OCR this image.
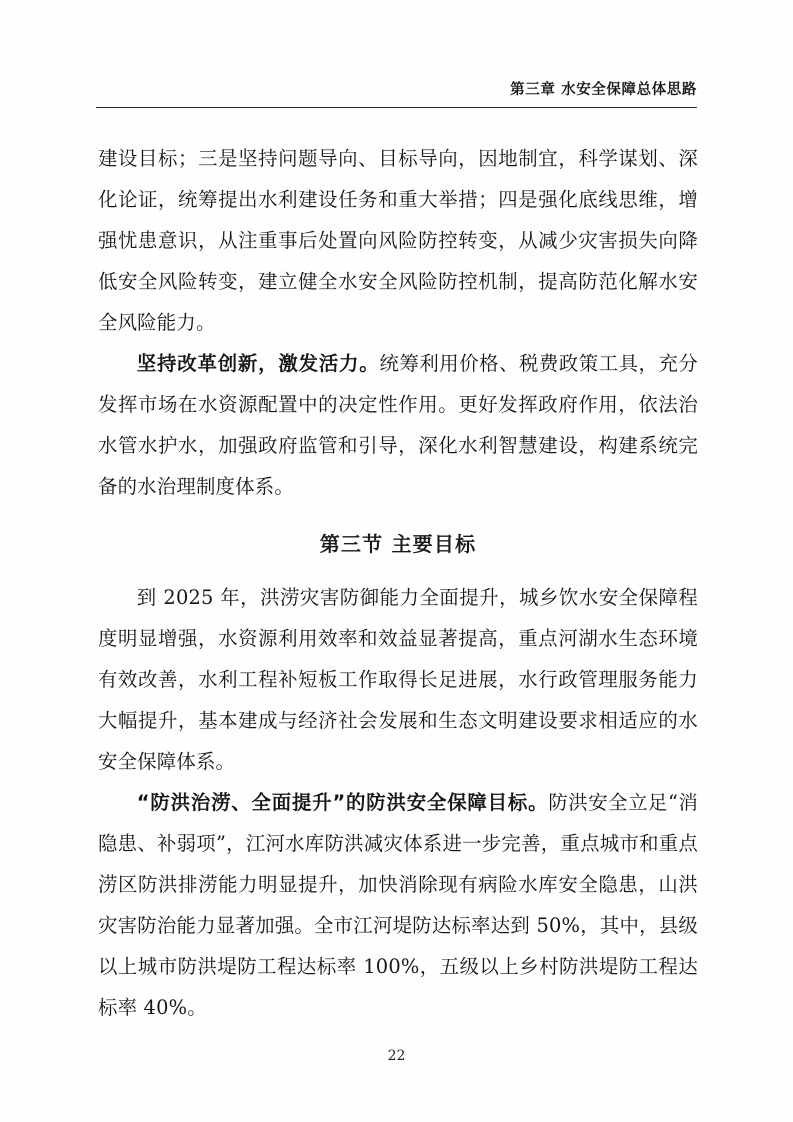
第三章 水安全保障总体思路

建设目标；三是坚持问题导向、目标导向，因地制宜，科学谋划、深化论证，统筹提出水利建设任务和重大举措；四是强化底线思维，增强忧患意识，从注重事后处置向风险防控转变，从减少灾害损失向降低安全风险转变，建立健全水安全风险防控机制，提高防范化解水安全风险能力。

坚持改革创新，激发活力。统筹利用价格、税费政策工具，充分发挥市场在水资源配置中的决定性作用。更好发挥政府作用，依法治水管水护水，加强政府监管和引导，深化水利智慧建设，构建系统完备的水治理制度体系。

第三节 主要目标

到 2025 年，洪涝灾害防御能力全面提升，城乡饮水安全保障程度明显增强，水资源利用效率和效益显著提高，重点河湖水生态环境有效改善，水利工程补短板工作取得长足进展，水行政管理服务能力大幅提升，基本建成与经济社会发展和生态文明建设要求相适应的水安全保障体系。

“防洪治涝、全面提升”的防洪安全保障目标。防洪安全立足“消隐患、补弱项”，江河水库防洪减灾体系进一步完善，重点城市和重点涝区防洪排涝能力明显提升，加快消除现有病险水库安全隐患，山洪灾害防治能力显著加强。全市江河堤防达标率达到 50%，其中，县级以上城市防洪堤防工程达标率 100%，五级以上乡村防洪堤防工程达标率 40%。

22
